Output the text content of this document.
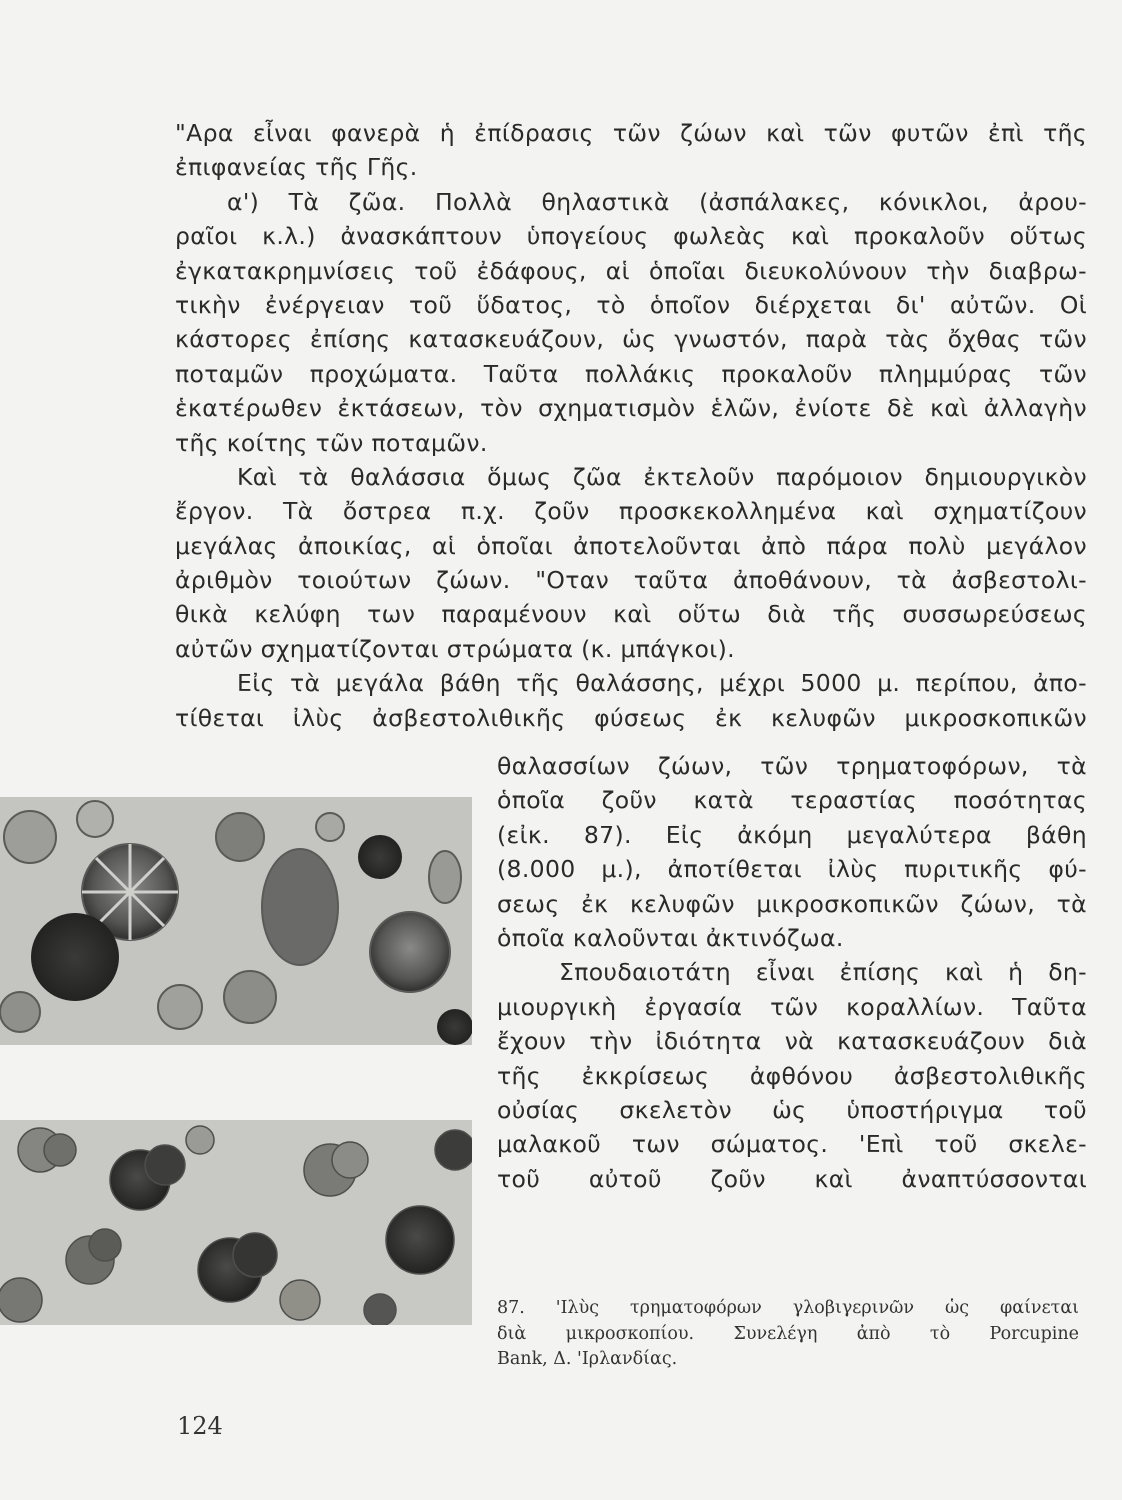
"Αρα εἶναι φανερὰ ἡ ἐπίδρασις τῶν ζώων καὶ τῶν φυτῶν ἐπὶ τῆς
ἐπιφανείας τῆς Γῆς.
α') Τὰ ζῶα. Πολλὰ θηλαστικὰ (ἀσπάλακες, κόνικλοι, ἀρου-
ραῖοι κ.λ.) ἀνασκάπτουν ὑπογείους φωλεὰς καὶ προκαλοῦν οὕτως
ἐγκατακρημνίσεις τοῦ ἐδάφους, αἱ ὁποῖαι διευκολύνουν τὴν διαβρω-
τικὴν ἐνέργειαν τοῦ ὕδατος, τὸ ὁποῖον διέρχεται δι' αὐτῶν. Οἱ
κάστορες ἐπίσης κατασκευάζουν, ὡς γνωστόν, παρὰ τὰς ὄχθας τῶν
ποταμῶν προχώματα. Ταῦτα πολλάκις προκαλοῦν πλημμύρας τῶν
ἑκατέρωθεν ἐκτάσεων, τὸν σχηματισμὸν ἑλῶν, ἐνίοτε δὲ καὶ ἀλλαγὴν
τῆς κοίτης τῶν ποταμῶν.
Καὶ τὰ θαλάσσια ὅμως ζῶα ἐκτελοῦν παρόμοιον δημιουργικὸν
ἔργον. Τὰ ὄστρεα π.χ. ζοῦν προσκεκολλημένα καὶ σχηματίζουν
μεγάλας ἀποικίας, αἱ ὁποῖαι ἀποτελοῦνται ἀπὸ πάρα πολὺ μεγάλον
ἀριθμὸν τοιούτων ζώων. "Οταν ταῦτα ἀποθάνουν, τὰ ἀσβεστολι-
θικὰ κελύφη των παραμένουν καὶ οὕτω διὰ τῆς συσσωρεύσεως
αὐτῶν σχηματίζονται στρώματα (κ. μπάγκοι).
Εἰς τὰ μεγάλα βάθη τῆς θαλάσσης, μέχρι 5000 μ. περίπου, ἀπο-
τίθεται ἰλὺς ἀσβεστολιθικῆς φύσεως ἐκ κελυφῶν μικροσκοπικῶν
θαλασσίων ζώων, τῶν τρηματοφόρων, τὰ
ὁποῖα ζοῦν κατὰ τεραστίας ποσότητας
(εἰκ. 87). Εἰς ἀκόμη μεγαλύτερα βάθη
(8.000 μ.), ἀποτίθεται ἰλὺς πυριτικῆς φύ-
σεως ἐκ κελυφῶν μικροσκοπικῶν ζώων, τὰ
ὁποῖα καλοῦνται ἀκτινόζωα.
Σπουδαιοτάτη εἶναι ἐπίσης καὶ ἡ δη-
μιουργικὴ ἐργασία τῶν κοραλλίων. Ταῦτα
ἔχουν τὴν ἰδιότητα νὰ κατασκευάζουν διὰ
τῆς ἐκκρίσεως ἀφθόνου ἀσβεστολιθικῆς
οὐσίας σκελετὸν ὡς ὑποστήριγμα τοῦ
μαλακοῦ των σώματος. 'Επὶ τοῦ σκελε-
τοῦ αὐτοῦ ζοῦν καὶ ἀναπτύσσονται
87. 'Ιλὺς τρηματοφόρων γλοβιγερινῶν ὡς φαίνεται
διὰ μικροσκοπίου. Συνελέγη ἀπὸ τὸ Porcupine
Bank, Δ. 'Ιρλανδίας.
124
